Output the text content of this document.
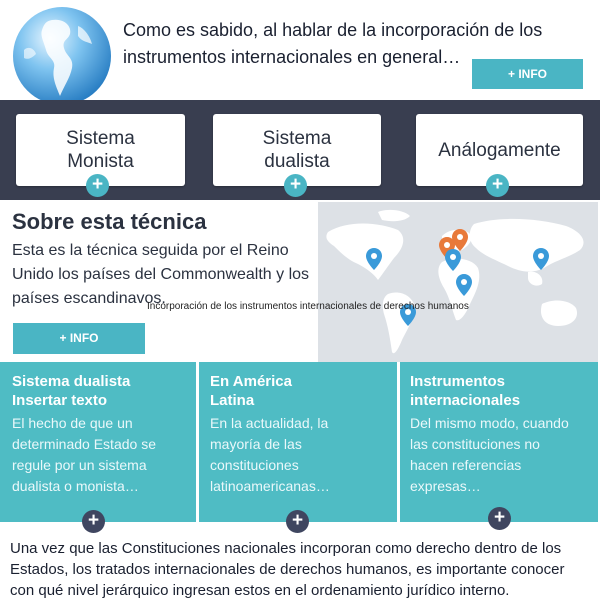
Como es sabido, al hablar de la incorporación de los instrumentos internacionales en general…

+ INFO
Sistema Monista
Sistema dualista
Análogamente
+	+	+
Sobre esta técnica

Esta es la técnica seguida por el Reino Unido los países del Commonwealth y los países escandinavos.

Incorporación de los instrumentos internacionales de derechos humanos
+ INFO
Sistema dualista Insertar texto
El hecho de que un determinado Estado se regule por un sistema dualista o monista…
En América Latina
En la actualidad, la mayoría de las constituciones latinoamericanas…
Instrumentos internacionales
Del mismo modo, cuando las constituciones no hacen referencias expresas…
+	+	+

Una vez que las Constituciones nacionales incorporan como derecho dentro de los Estados, los tratados internacionales de derechos humanos, es importante conocer con qué nivel jerárquico ingresan estos en el ordenamiento jurídico interno.
